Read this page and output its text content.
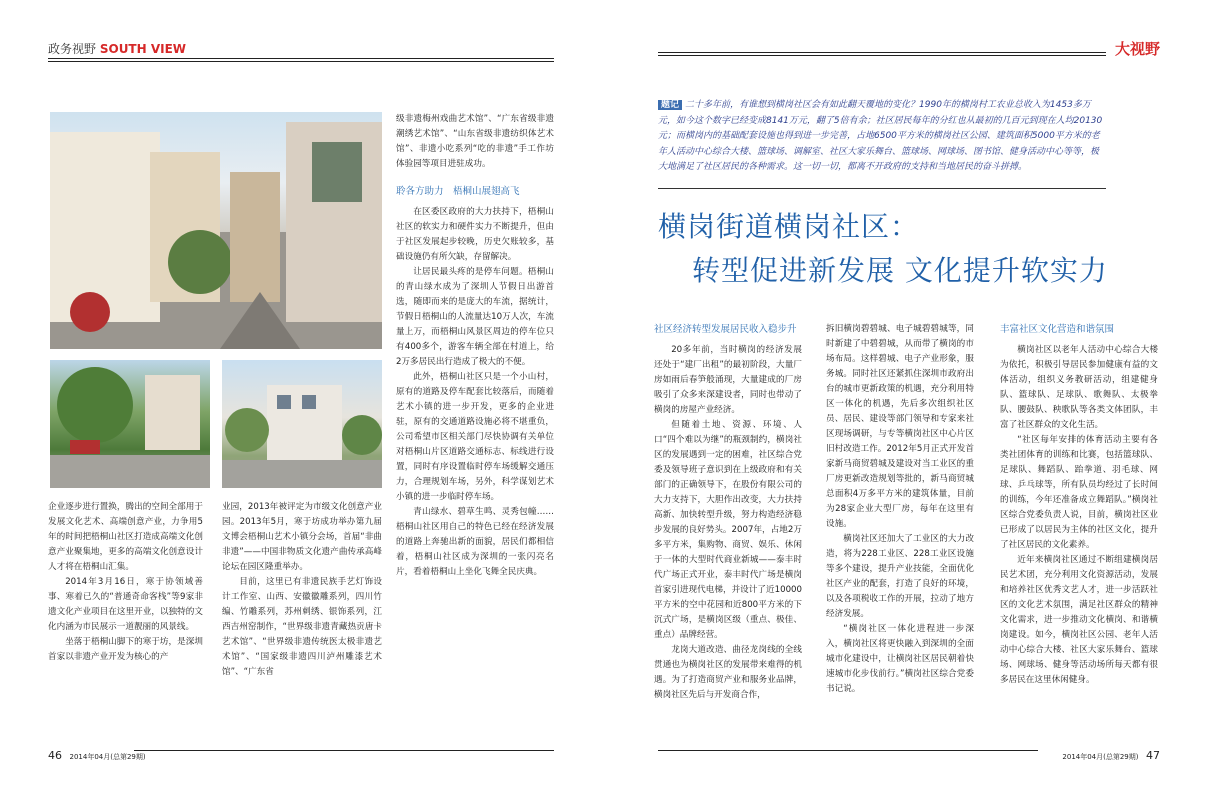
政务视野 SOUTH VIEW

企业逐步进行置换，腾出的空间全部用于发展文化艺术、高端创意产业，力争用5年的时间把梧桐山社区打造成高端文化创意产业聚集地，更多的高端文化创意设计人才将在梧桐山汇集。

2014年3月16日，寒于协领域善事、寒着已久的“普通奇命客栈”等9家非遗文化产业项目在这里开业，以独特的文化内涵为市民展示一道靓丽的风景线。

坐落于梧桐山脚下的寒于坊，是深圳首家以非遗产业开发为核心的产

业园，2013年被评定为市级文化创意产业园。2013年5月，寒于坊成功举办第九届文博会梧桐山艺术小镇分会场，首届“非曲非遗”——中国非物质文化遗产曲传承高峰论坛在园区隆重举办。

目前，这里已有非遗民族手艺灯饰设计工作室、山西、安徽徽雕系列，四川竹编、竹雕系列，苏州刺绣、银饰系列，江西吉州窑制作，“世界级非遗青藏热贡唐卡艺术馆”、“世界级非遗传统医太极非遗艺术馆”、“国家级非遗四川泸州雕漆艺术馆”、“广东省

级非遗梅州戏曲艺术馆”、“广东省级非遗潮绣艺术馆”、“山东省级非遗纺织体艺术馆”、非遗小吃系列“吃的非遗”手工作坊体验园等项目进驻成功。

聆各方助力　梧桐山展翅高飞

在区委区政府的大力扶持下，梧桐山社区的软实力和硬件实力不断提升，但由于社区发展起步较晚，历史欠账较多，基础设施仍有所欠缺，存留解决。

让居民最头疼的是停车问题。梧桐山的青山绿水成为了深圳人节假日出游首选，随即而来的是庞大的车流，据统计，节假日梧桐山的人流量达10万人次，车流量上万，而梧桐山风景区周边的停车位只有400多个，游客车辆全部在村道上，给2万多居民出行造成了极大的不便。

此外，梧桐山社区只是一个小山村，原有的道路及停车配套比较落后，而随着艺术小镇的进一步开发，更多的企业进驻，原有的交通道路设施必将不堪重负，公司希望市区相关部门尽快协调有关单位对梧桐山片区道路交通标志、标线进行设置，同时有序设置临时停车场缓解交通压力，合理规划车场，另外，科学谋划艺术小镇的进一步临时停车场。

青山绿水、碧草生鸣、灵秀包幢……梧桐山社区用自己的特色已经在经济发展的道路上奔驰出新的面貌，居民们都相信着，梧桐山社区成为深圳的一张闪亮名片，看着梧桐山上坐化飞舞全民庆典。

46 2014年04月(总第29期)
大视野
题记 二十多年前，有谁想到横岗社区会有如此翻天覆地的变化？1990年的横岗村工农业总收入为1453多万元，如今这个数字已经变成8141万元，翻了5倍有余；社区居民每年的分红也从最初的几百元到现在人均20130元；而横岗内的基础配套设施也得到进一步完善，占地6500平方米的横岗社区公园、建筑面积5000平方米的老年人活动中心综合大楼、篮球场、调解室、社区大家乐舞台、篮球场、网球场、图书馆、健身活动中心等等，极大地满足了社区居民的各种需求。这一切一切，都离不开政府的支持和当地居民的奋斗拼搏。
横岗街道横岗社区：
转型促进新发展 文化提升软实力
社区经济转型发展居民收入稳步升

20多年前，当时横岗的经济发展还处于“建厂出租”的最初阶段，大量厂房如雨后春笋般涌现，大量建成的厂房吸引了众多来深建设者，同时也带动了横岗的房屋产业经济。

但随着土地、资源、环境、人口“四个难以为继”的瓶颈制约，横岗社区的发展遇到一定的困难，社区综合党委及领导班子意识到在上级政府和有关部门的正确领导下，在股份有限公司的大力支持下，大胆作出改变，大力扶持高新、加快转型升级，努力构造经济稳步发展的良好势头。2007年，占地2万多平方米，集购物、商贸、娱乐、休闲于一体的大型时代商业新城——泰丰时代广场正式开业，泰丰时代广场是横岗首家引进现代电梯，并设计了近10000平方米的空中花园和近800平方米的下沉式广场，是横岗区级（重点、极佳、重点）品牌经营。

龙岗大道改造、曲径龙岗线的全线贯通也为横岗社区的发展带来难得的机遇。为了打造商贸产业和服务业品牌，横岗社区先后与开发商合作，

拆旧横岗碧碧城、电子城碧碧城等，同时新建了中碧碧城，从而带了横岗的市场布局。这样碧城、电子产业形象，服务城。同时社区还紧抓住深圳市政府出台的城市更新政策的机遇，充分利用特区一体化的机遇，先后多次组织社区员、居民、建设等部门领导和专家来社区现场调研，与专等横岗社区中心片区旧村改造工作。2012年5月正式开发首家新马商贸碧城及建设对当工业区的重厂房更新改造规划等批的，新马商贸城总面积4万多平方米的建筑体量，目前为28家企业大型厂房，每年在这里有设施。

横岗社区还加大了工业区的大力改造，将为228工业区、228工业区设施等多个建设，提升产业技能，全面优化社区产业的配套，打造了良好的环境，以及各项税收工作的开展，拉动了地方经济发展。

“横岗社区一体化进程进一步深入，横岗社区将更快融入到深圳的全面城市化建设中，让横岗社区居民朝着快速城市化步伐前行。”横岗社区综合党委书记说。

丰富社区文化营造和谐氛围

横岗社区以老年人活动中心综合大楼为依托，积极引导居民参加健康有益的文体活动，组织义务教研活动，组建健身队、篮球队、足球队、歌舞队、太极拳队、腰鼓队、秧歌队等各类文体团队，丰富了社区群众的文化生活。

“社区每年安排的体育活动主要有各类社团体育的训练和比赛，包括篮球队、足球队、舞蹈队、跆拳道、羽毛球、网球、乒乓球等，所有队员均经过了长时间的训练，今年还准备成立舞蹈队。”横岗社区综合党委负责人说，目前，横岗社区业已形成了以居民为主体的社区文化，提升了社区居民的文化素养。

近年来横岗社区通过不断组建横岗居民艺术团，充分利用文化资源活动，发展和培养社区优秀文艺人才，进一步活跃社区的文化艺术氛围，满足社区群众的精神文化需求，进一步推动文化横岗、和谐横岗建设。如今，横岗社区公园、老年人活动中心综合大楼、社区大家乐舞台、篮球场、网球场、健身等活动场所每天都有很多居民在这里休闲健身。

2014年04月(总第29期) 47
